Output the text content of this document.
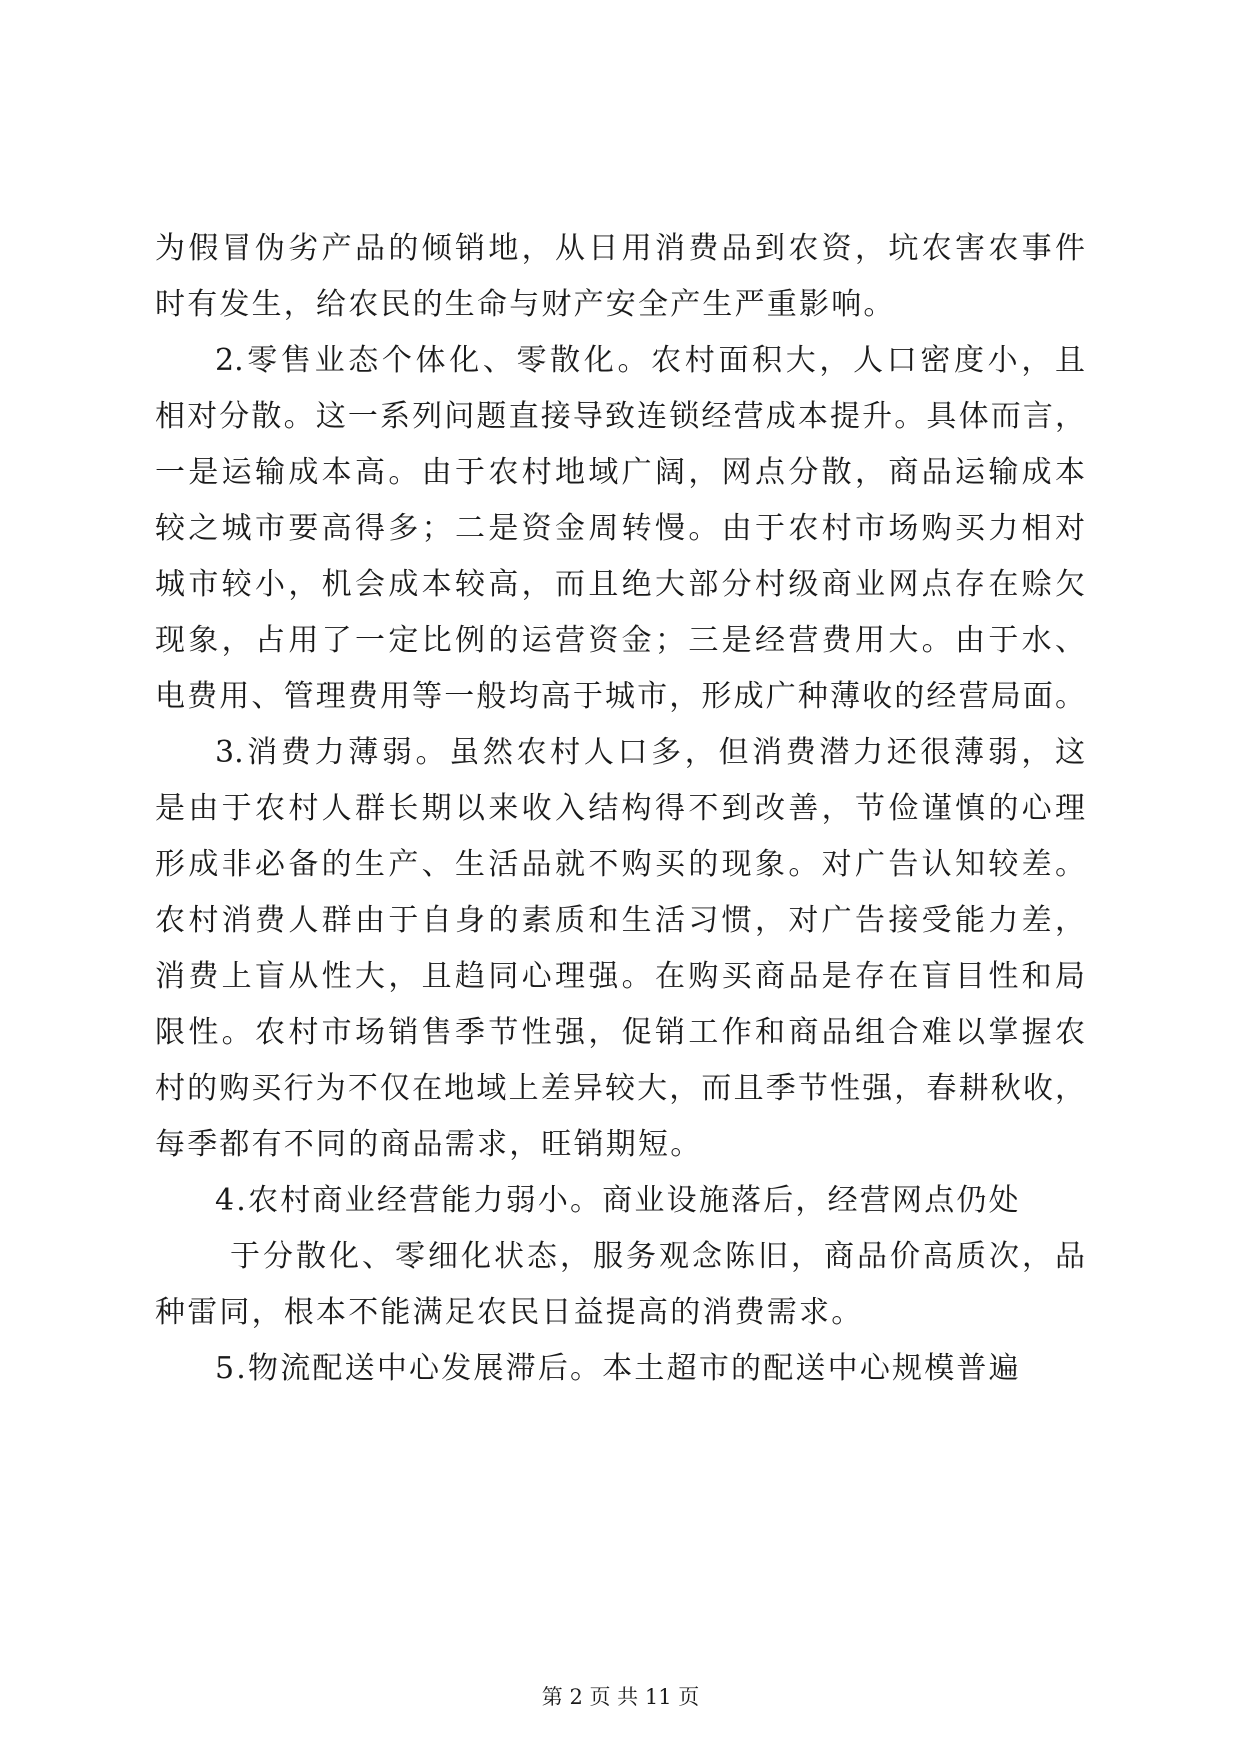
为假冒伪劣产品的倾销地，从日用消费品到农资，坑农害农事件
时有发生，给农民的生命与财产安全产生严重影响。
2.零售业态个体化、零散化。农村面积大，人口密度小，且
相对分散。这一系列问题直接导致连锁经营成本提升。具体而言，
一是运输成本高。由于农村地域广阔，网点分散，商品运输成本
较之城市要高得多；二是资金周转慢。由于农村市场购买力相对
城市较小，机会成本较高，而且绝大部分村级商业网点存在赊欠
现象，占用了一定比例的运营资金；三是经营费用大。由于水、
电费用、管理费用等一般均高于城市，形成广种薄收的经营局面。
3.消费力薄弱。虽然农村人口多，但消费潜力还很薄弱，这
是由于农村人群长期以来收入结构得不到改善，节俭谨慎的心理
形成非必备的生产、生活品就不购买的现象。对广告认知较差。
农村消费人群由于自身的素质和生活习惯，对广告接受能力差，
消费上盲从性大，且趋同心理强。在购买商品是存在盲目性和局
限性。农村市场销售季节性强，促销工作和商品组合难以掌握农
村的购买行为不仅在地域上差异较大，而且季节性强，春耕秋收，
每季都有不同的商品需求，旺销期短。
4.农村商业经营能力弱小。商业设施落后，经营网点仍处
于分散化、零细化状态，服务观念陈旧，商品价高质次，品
种雷同，根本不能满足农民日益提高的消费需求。
5.物流配送中心发展滞后。本土超市的配送中心规模普遍
第 2 页 共 11 页
